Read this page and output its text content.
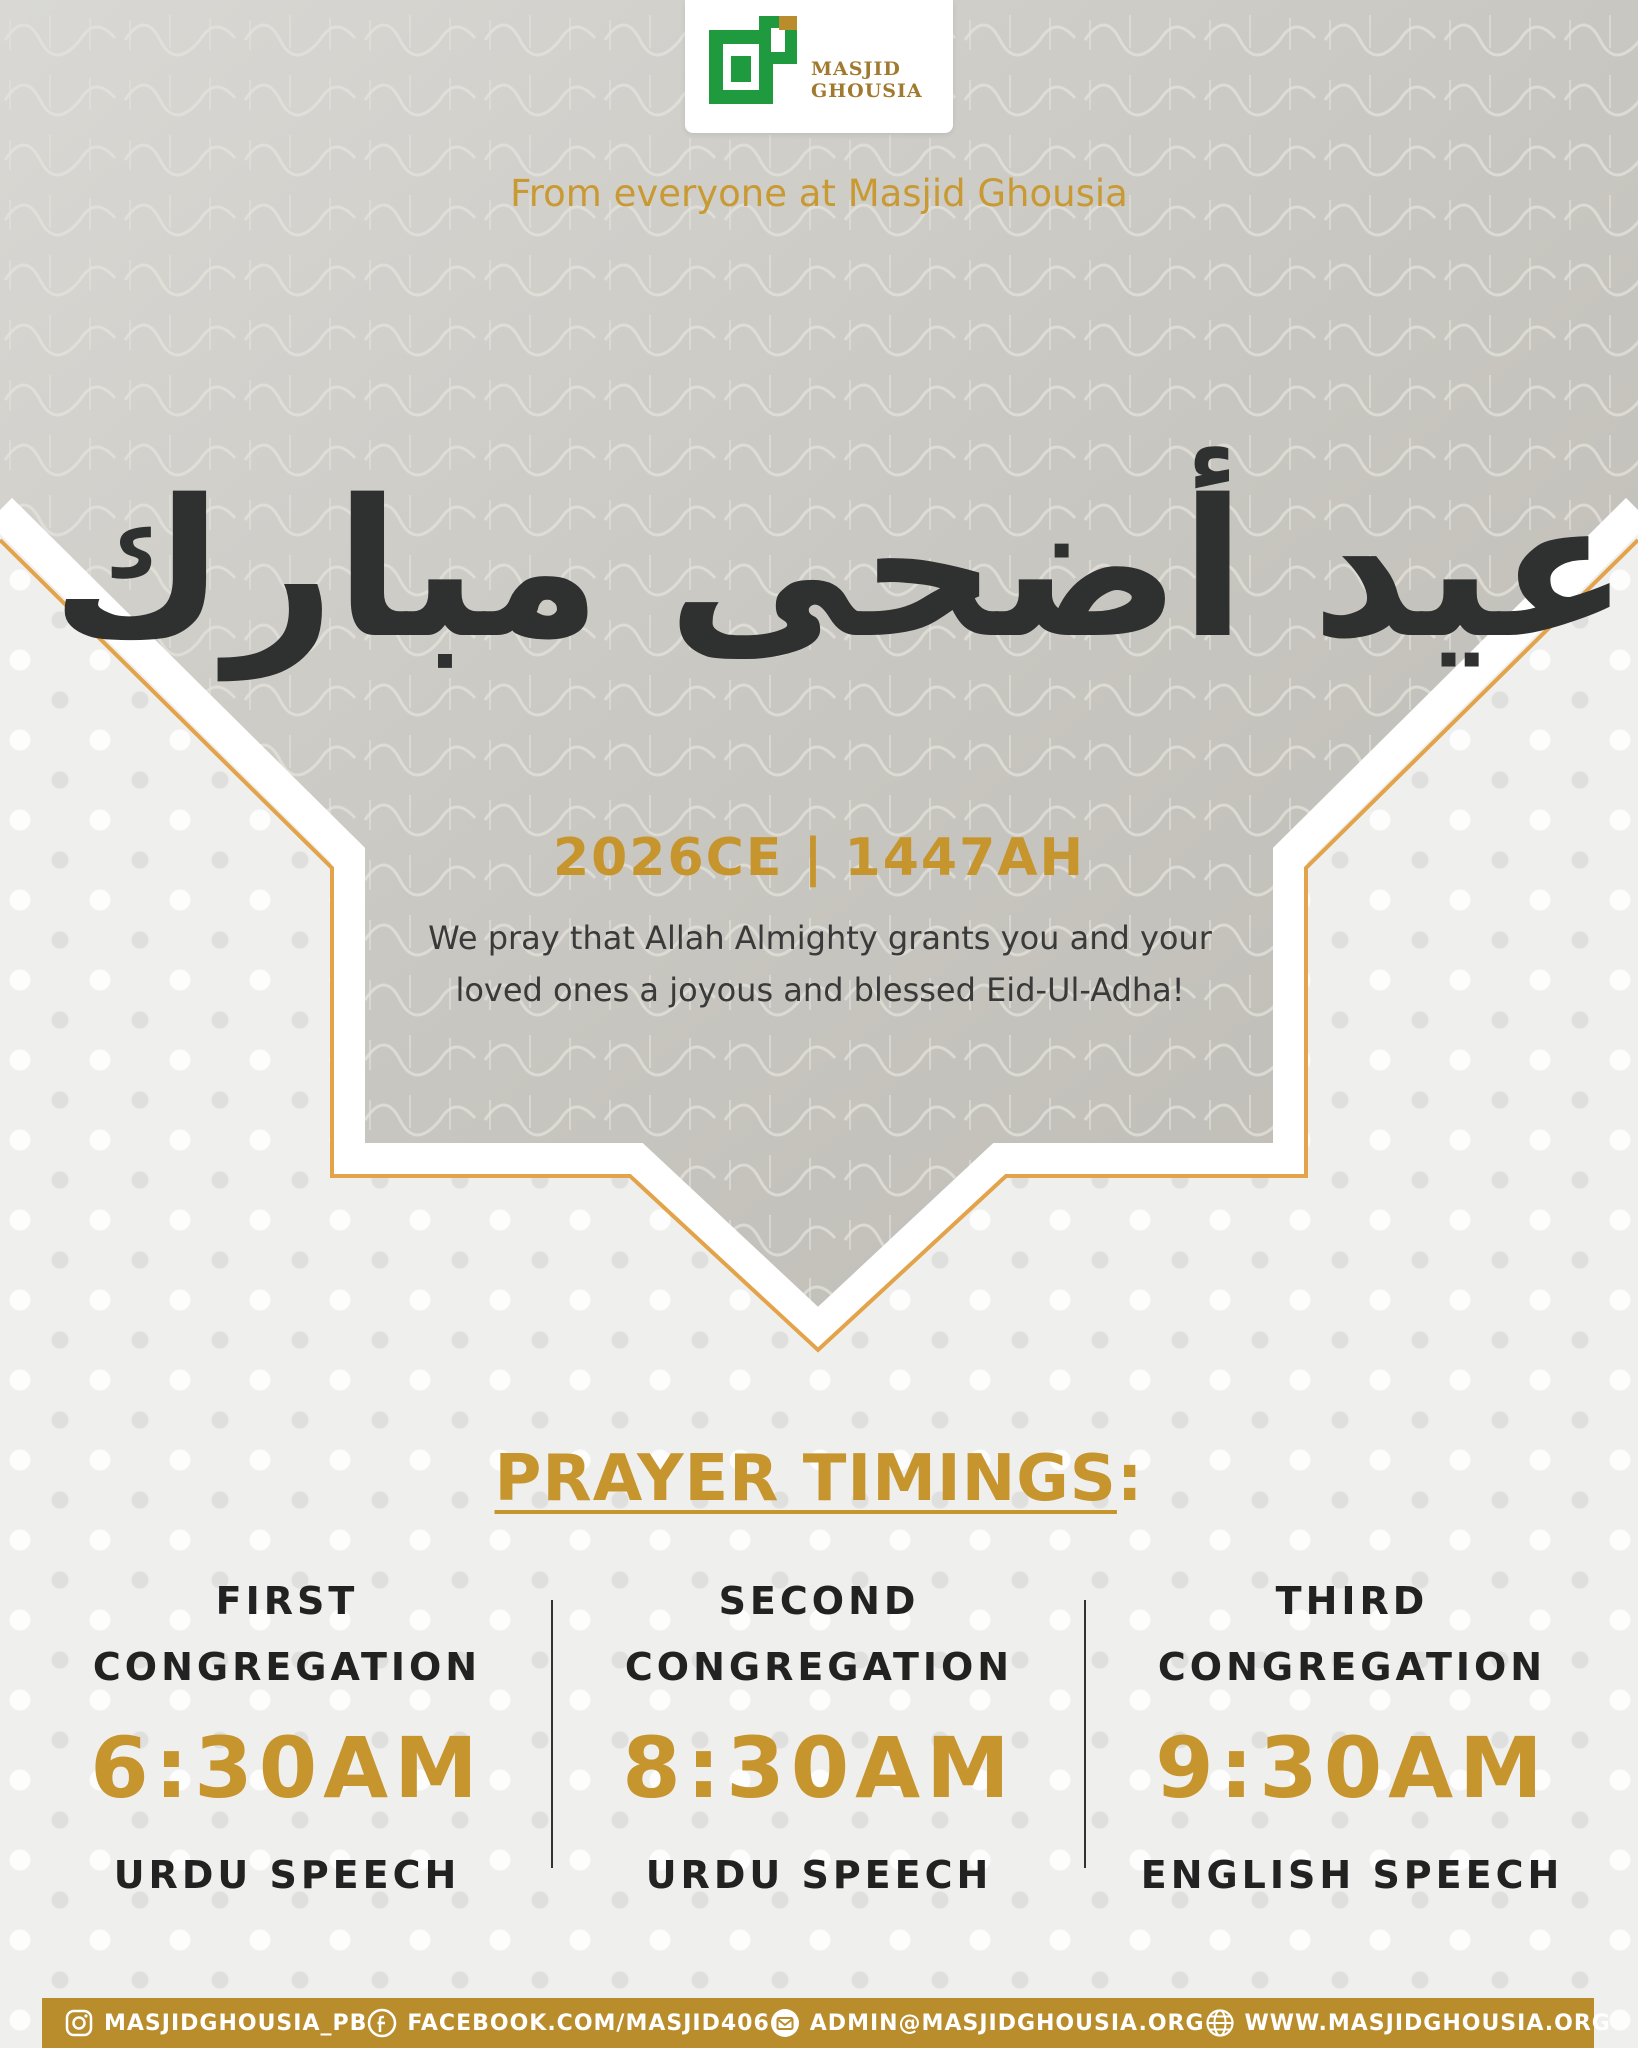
MASJID
GHOUSIA
From everyone at Masjid Ghousia
عيد أضحى مبارك
2026CE | 1447AH
We pray that Allah Almighty grants you and your loved ones a joyous and blessed Eid-Ul-Adha!
PRAYER TIMINGS:
FIRST
CONGREGATION
6:30AM
URDU SPEECH
SECOND
CONGREGATION
8:30AM
URDU SPEECH
THIRD
CONGREGATION
9:30AM
ENGLISH SPEECH
MASJIDGHOUSIA_PB FACEBOOK.COM/MASJID406 ADMIN@MASJIDGHOUSIA.ORG WWW.MASJIDGHOUSIA.ORG
